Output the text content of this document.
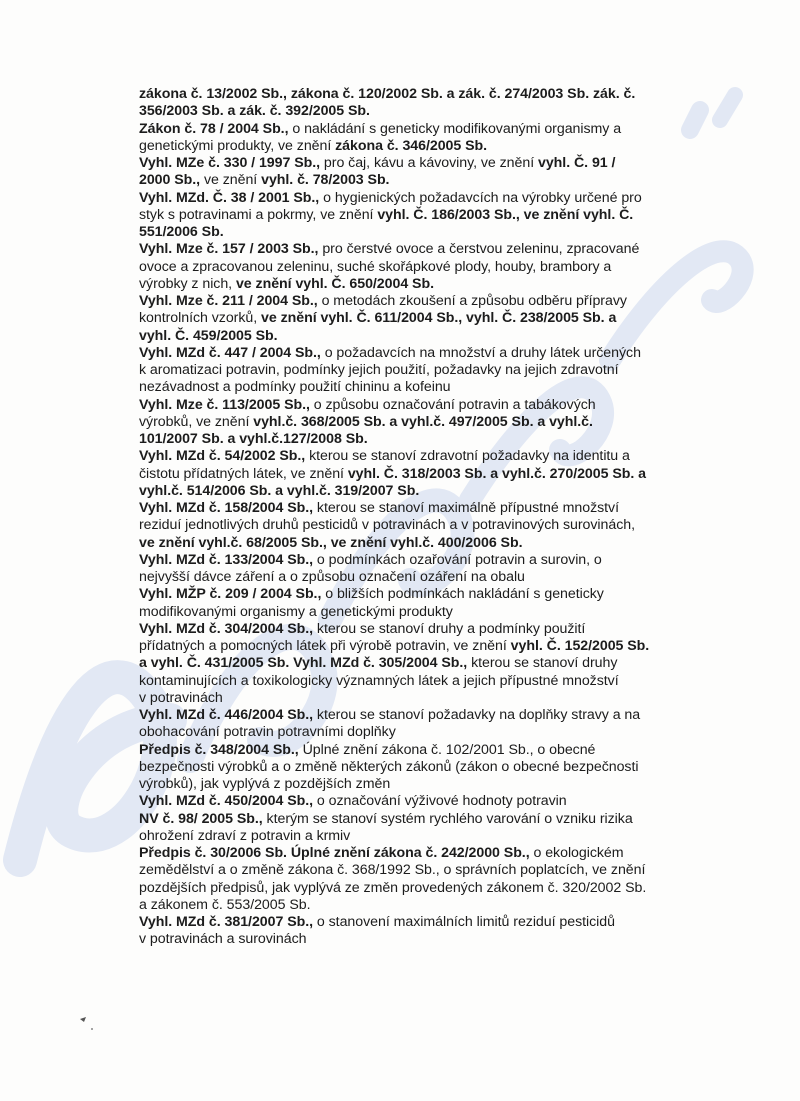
zákona č. 13/2002 Sb., zákona č. 120/2002 Sb. a zák. č. 274/2003 Sb. zák. č.
356/2003 Sb. a zák. č. 392/2005 Sb.

Zákon č. 78 / 2004 Sb., o nakládání s geneticky modifikovanými organismy a
genetickými produkty, ve znění zákona č. 346/2005 Sb.

Vyhl. MZe č. 330 / 1997 Sb., pro čaj, kávu a kávoviny, ve znění vyhl. Č. 91 /
2000 Sb., ve znění vyhl. č. 78/2003 Sb.

Vyhl. MZd. Č. 38 / 2001 Sb., o hygienických požadavcích na výrobky určené pro
styk s potravinami a pokrmy, ve znění vyhl. Č. 186/2003 Sb., ve znění vyhl. Č.
551/2006 Sb.

Vyhl. Mze č. 157 / 2003 Sb., pro čerstvé ovoce a čerstvou zeleninu, zpracované
ovoce a zpracovanou zeleninu, suché skořápkové plody, houby, brambory a
výrobky z nich, ve znění vyhl. Č. 650/2004 Sb.

Vyhl. Mze č. 211 / 2004 Sb., o metodách zkoušení a způsobu odběru přípravy
kontrolních vzorků, ve znění vyhl. Č. 611/2004 Sb., vyhl. Č. 238/2005 Sb. a
vyhl. Č. 459/2005 Sb.

Vyhl. MZd č. 447 / 2004 Sb., o požadavcích na množství a druhy látek určených
k aromatizaci potravin, podmínky jejich použití, požadavky na jejich zdravotní
nezávadnost a podmínky použití chininu a kofeinu

Vyhl. Mze č. 113/2005 Sb., o způsobu označování potravin a tabákových
výrobků, ve znění vyhl.č. 368/2005 Sb. a vyhl.č. 497/2005 Sb. a vyhl.č.
101/2007 Sb. a vyhl.č.127/2008 Sb.

Vyhl. MZd č. 54/2002 Sb., kterou se stanoví zdravotní požadavky na identitu a
čistotu přídatných látek, ve znění vyhl. Č. 318/2003 Sb. a vyhl.č. 270/2005 Sb. a
vyhl.č. 514/2006 Sb. a vyhl.č. 319/2007 Sb.

Vyhl. MZd č. 158/2004 Sb., kterou se stanoví maximálně přípustné množství
reziduí jednotlivých druhů pesticidů v potravinách a v potravinových surovinách,
ve znění vyhl.č. 68/2005 Sb., ve znění vyhl.č. 400/2006 Sb.

Vyhl. MZd č. 133/2004 Sb., o podmínkách ozařování potravin a surovin, o
nejvyšší dávce záření a o způsobu označení ozáření na obalu

Vyhl. MŽP č. 209 / 2004 Sb., o bližších podmínkách nakládání s geneticky
modifikovanými organismy a genetickými produkty

Vyhl. MZd č. 304/2004 Sb., kterou se stanoví druhy a podmínky použití
přídatných a pomocných látek při výrobě potravin, ve znění vyhl. Č. 152/2005 Sb.
a vyhl. Č. 431/2005 Sb. Vyhl. MZd č. 305/2004 Sb., kterou se stanoví druhy
kontaminujících a toxikologicky významných látek a jejich přípustné množství
v potravinách

Vyhl. MZd č. 446/2004 Sb., kterou se stanoví požadavky na doplňky stravy a na
obohacování potravin potravními doplňky

Předpis č. 348/2004 Sb., Úplné znění zákona č. 102/2001 Sb., o obecné
bezpečnosti výrobků a o změně některých zákonů (zákon o obecné bezpečnosti
výrobků), jak vyplývá z pozdějších změn

Vyhl. MZd č. 450/2004 Sb., o označování výživové hodnoty potravin

NV č. 98/ 2005 Sb., kterým se stanoví systém rychlého varování o vzniku rizika
ohrožení zdraví z potravin a krmiv

Předpis č. 30/2006 Sb. Úplné znění zákona č. 242/2000 Sb., o ekologickém
zemědělství a o změně zákona č. 368/1992 Sb., o správních poplatcích, ve znění
pozdějších předpisů, jak vyplývá ze změn provedených zákonem č. 320/2002 Sb.
a zákonem č. 553/2005 Sb.

Vyhl. MZd č. 381/2007 Sb., o stanovení maximálních limitů reziduí pesticidů
v potravinách a surovinách
